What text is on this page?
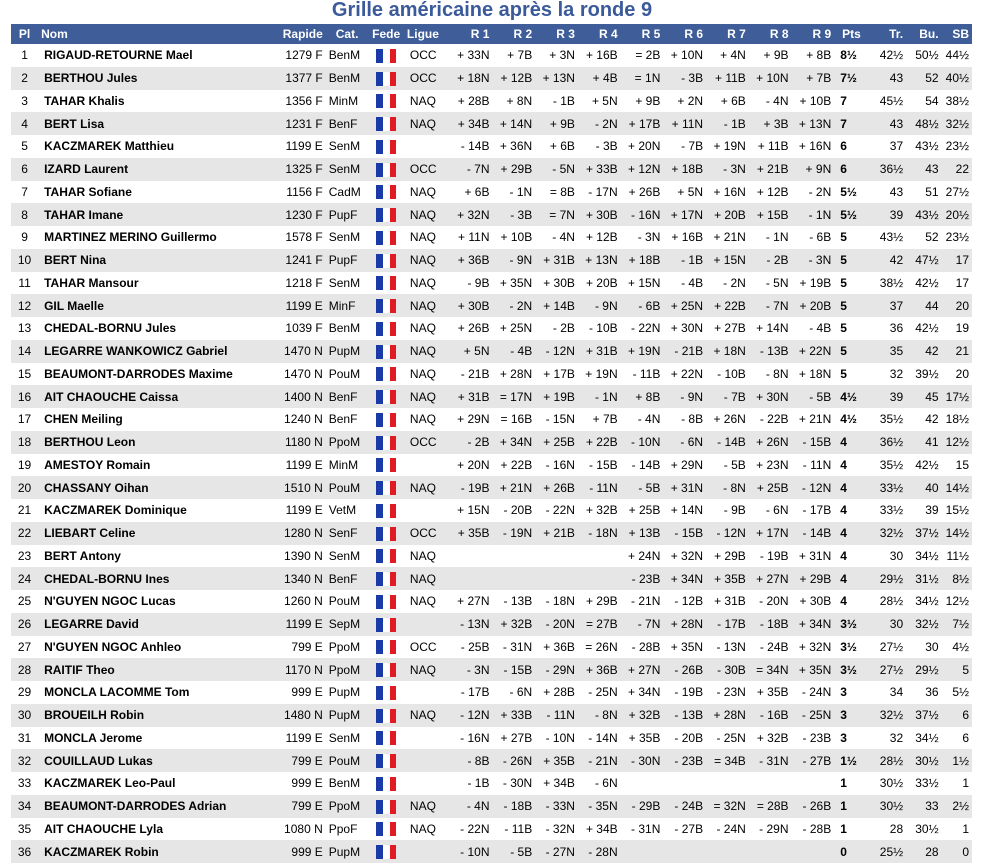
Grille américaine après la ronde 9
Pl	Nom	Rapide	Cat.	Fede	Ligue	R 1	R 2	R 3	R 4	R 5	R 6	R 7	R 8	R 9	Pts	Tr.	Bu.	SB
1	RIGAUD-RETOURNE Mael	1279 F	BenM		OCC	+ 33N	+ 7B	+ 3N	+ 16B	= 2B	+ 10N	+ 4N	+ 9B	+ 8B	8½	42½	50½	44½
2	BERTHOU Jules	1377 F	BenM		OCC	+ 18N	+ 12B	+ 13N	+ 4B	= 1N	- 3B	+ 11B	+ 10N	+ 7B	7½	43	52	40½
3	TAHAR Khalis	1356 F	MinM		NAQ	+ 28B	+ 8N	- 1B	+ 5N	+ 9B	+ 2N	+ 6B	- 4N	+ 10B	7	45½	54	38½
4	BERT Lisa	1231 F	BenF		NAQ	+ 34B	+ 14N	+ 9B	- 2N	+ 17B	+ 11N	- 1B	+ 3B	+ 13N	7	43	48½	32½
5	KACZMAREK Matthieu	1199 E	SenM			- 14B	+ 36N	+ 6B	- 3B	+ 20N	- 7B	+ 19N	+ 11B	+ 16N	6	37	43½	23½
6	IZARD Laurent	1325 F	SenM		OCC	- 7N	+ 29B	- 5N	+ 33B	+ 12N	+ 18B	- 3N	+ 21B	+ 9N	6	36½	43	22
7	TAHAR Sofiane	1156 F	CadM		NAQ	+ 6B	- 1N	= 8B	- 17N	+ 26B	+ 5N	+ 16N	+ 12B	- 2N	5½	43	51	27½
8	TAHAR Imane	1230 F	PupF		NAQ	+ 32N	- 3B	= 7N	+ 30B	- 16N	+ 17N	+ 20B	+ 15B	- 1N	5½	39	43½	20½
9	MARTINEZ MERINO Guillermo	1578 F	SenM		NAQ	+ 11N	+ 10B	- 4N	+ 12B	- 3N	+ 16B	+ 21N	- 1N	- 6B	5	43½	52	23½
10	BERT Nina	1241 F	PupF		NAQ	+ 36B	- 9N	+ 31B	+ 13N	+ 18B	- 1B	+ 15N	- 2B	- 3N	5	42	47½	17
11	TAHAR Mansour	1218 F	SenM		NAQ	- 9B	+ 35N	+ 30B	+ 20B	+ 15N	- 4B	- 2N	- 5N	+ 19B	5	38½	42½	17
12	GIL Maelle	1199 E	MinF		NAQ	+ 30B	- 2N	+ 14B	- 9N	- 6B	+ 25N	+ 22B	- 7N	+ 20B	5	37	44	20
13	CHEDAL-BORNU Jules	1039 F	BenM		NAQ	+ 26B	+ 25N	- 2B	- 10B	- 22N	+ 30N	+ 27B	+ 14N	- 4B	5	36	42½	19
14	LEGARRE WANKOWICZ Gabriel	1470 N	PupM		NAQ	+ 5N	- 4B	- 12N	+ 31B	+ 19N	- 21B	+ 18N	- 13B	+ 22N	5	35	42	21
15	BEAUMONT-DARRODES Maxime	1470 N	PouM		NAQ	- 21B	+ 28N	+ 17B	+ 19N	- 11B	+ 22N	- 10B	- 8N	+ 18N	5	32	39½	20
16	AIT CHAOUCHE Caissa	1400 N	BenF		NAQ	+ 31B	= 17N	+ 19B	- 1N	+ 8B	- 9N	- 7B	+ 30N	- 5B	4½	39	45	17½
17	CHEN Meiling	1240 N	BenF		NAQ	+ 29N	= 16B	- 15N	+ 7B	- 4N	- 8B	+ 26N	- 22B	+ 21N	4½	35½	42	18½
18	BERTHOU Leon	1180 N	PpoM		OCC	- 2B	+ 34N	+ 25B	+ 22B	- 10N	- 6N	- 14B	+ 26N	- 15B	4	36½	41	12½
19	AMESTOY Romain	1199 E	MinM			+ 20N	+ 22B	- 16N	- 15B	- 14B	+ 29N	- 5B	+ 23N	- 11N	4	35½	42½	15
20	CHASSANY Oihan	1510 N	PouM		NAQ	- 19B	+ 21N	+ 26B	- 11N	- 5B	+ 31N	- 8N	+ 25B	- 12N	4	33½	40	14½
21	KACZMAREK Dominique	1199 E	VetM			+ 15N	- 20B	- 22N	+ 32B	+ 25B	+ 14N	- 9B	- 6N	- 17B	4	33½	39	15½
22	LIEBART Celine	1280 N	SenF		OCC	+ 35B	- 19N	+ 21B	- 18N	+ 13B	- 15B	- 12N	+ 17N	- 14B	4	32½	37½	14½
23	BERT Antony	1390 N	SenM		NAQ					+ 24N	+ 32N	+ 29B	- 19B	+ 31N	4	30	34½	11½
24	CHEDAL-BORNU Ines	1340 N	BenF		NAQ					- 23B	+ 34N	+ 35B	+ 27N	+ 29B	4	29½	31½	8½
25	N'GUYEN NGOC Lucas	1260 N	PouM		NAQ	+ 27N	- 13B	- 18N	+ 29B	- 21N	- 12B	+ 31B	- 20N	+ 30B	4	28½	34½	12½
26	LEGARRE David	1199 E	SepM			- 13N	+ 32B	- 20N	= 27B	- 7N	+ 28N	- 17B	- 18B	+ 34N	3½	30	32½	7½
27	N'GUYEN NGOC Anhleo	799 E	PpoM		OCC	- 25B	- 31N	+ 36B	= 26N	- 28B	+ 35N	- 13N	- 24B	+ 32N	3½	27½	30	4½
28	RAITIF Theo	1170 N	PpoM		NAQ	- 3N	- 15B	- 29N	+ 36B	+ 27N	- 26B	- 30B	= 34N	+ 35N	3½	27½	29½	5
29	MONCLA LACOMME Tom	999 E	PupM			- 17B	- 6N	+ 28B	- 25N	+ 34N	- 19B	- 23N	+ 35B	- 24N	3	34	36	5½
30	BROUEILH Robin	1480 N	PupM		NAQ	- 12N	+ 33B	- 11N	- 8N	+ 32B	- 13B	+ 28N	- 16B	- 25N	3	32½	37½	6
31	MONCLA Jerome	1199 E	SenM			- 16N	+ 27B	- 10N	- 14N	+ 35B	- 20B	- 25N	+ 32B	- 23B	3	32	34½	6
32	COUILLAUD Lukas	799 E	PouM			- 8B	- 26N	+ 35B	- 21N	- 30N	- 23B	= 34B	- 31N	- 27B	1½	28½	30½	1½
33	KACZMAREK Leo-Paul	999 E	BenM			- 1B	- 30N	+ 34B	- 6N						1	30½	33½	1
34	BEAUMONT-DARRODES Adrian	799 E	PpoM		NAQ	- 4N	- 18B	- 33N	- 35N	- 29B	- 24B	= 32N	= 28B	- 26B	1	30½	33	2½
35	AIT CHAOUCHE Lyla	1080 N	PpoF		NAQ	- 22N	- 11B	- 32N	+ 34B	- 31N	- 27B	- 24N	- 29N	- 28B	1	28	30½	1
36	KACZMAREK Robin	999 E	PupM			- 10N	- 5B	- 27N	- 28N						0	25½	28	0
